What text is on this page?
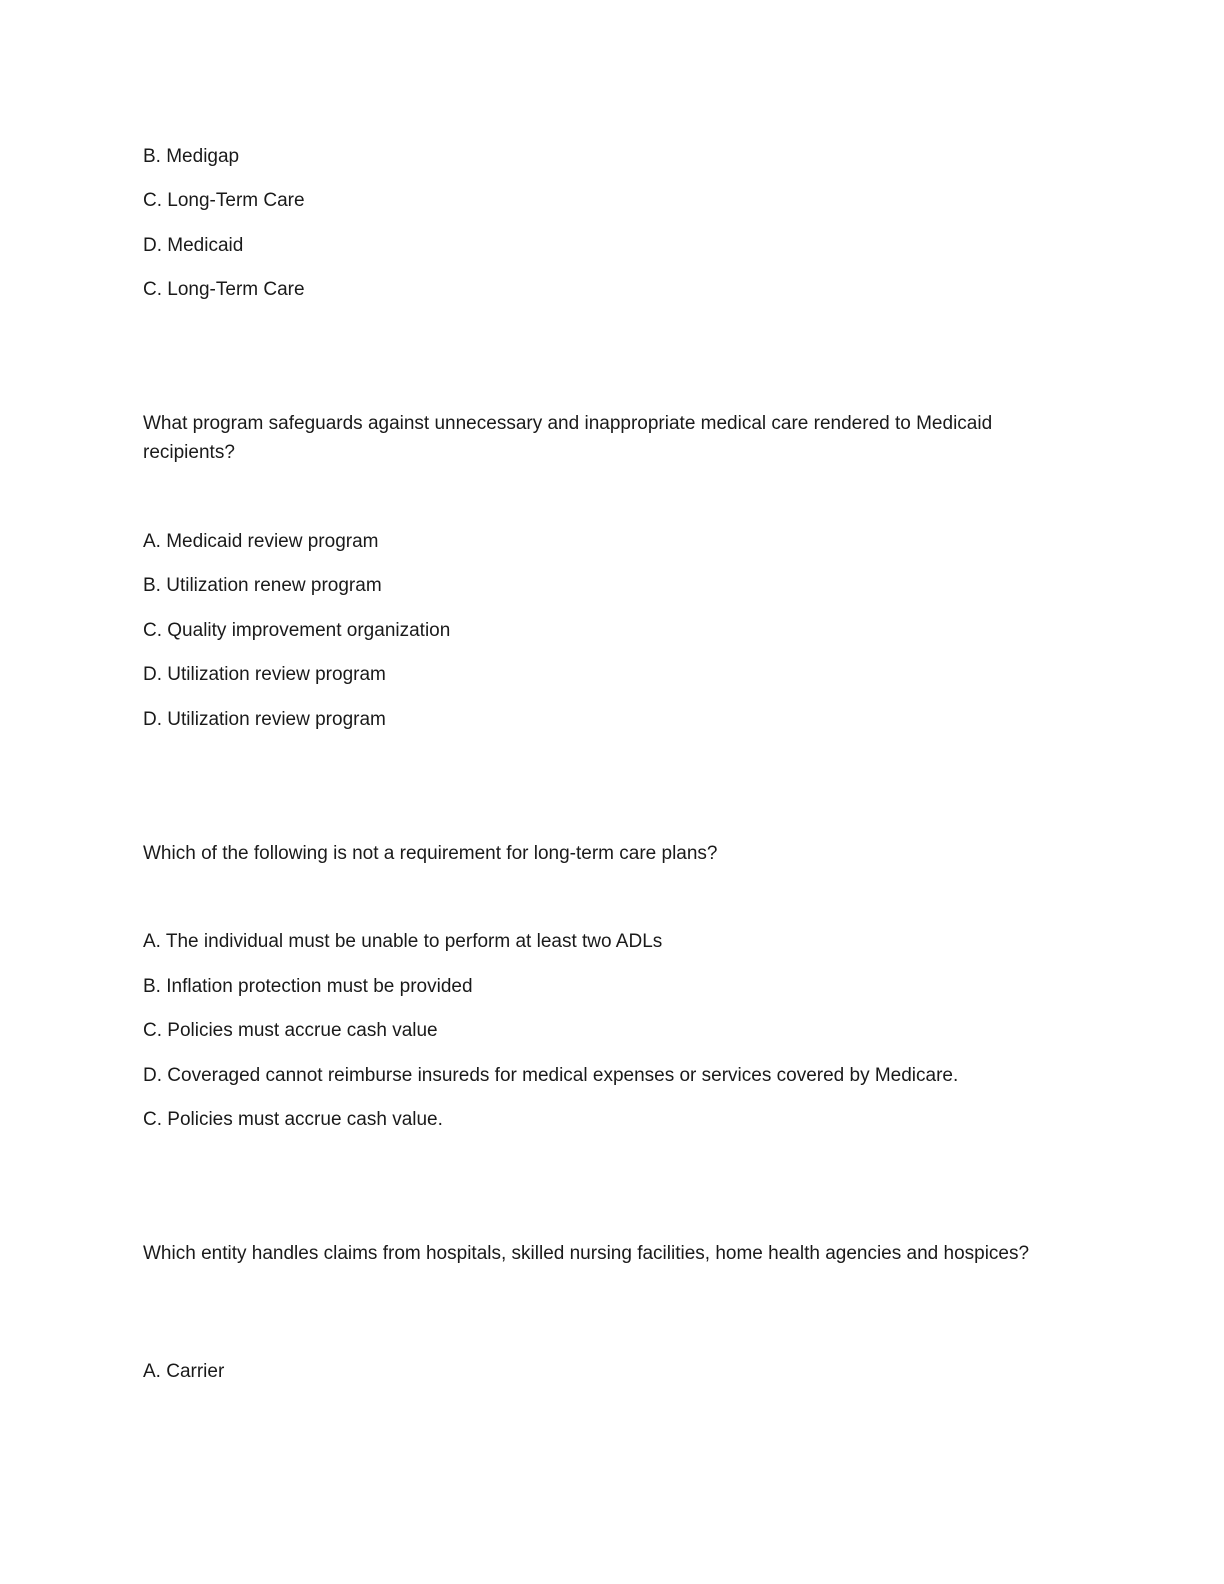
B. Medigap
C. Long-Term Care
D. Medicaid
C. Long-Term Care
What program safeguards against unnecessary and inappropriate medical care rendered to Medicaid recipients?
A. Medicaid review program
B. Utilization renew program
C. Quality improvement organization
D. Utilization review program
D. Utilization review program
Which of the following is not a requirement for long-term care plans?
A. The individual must be unable to perform at least two ADLs
B. Inflation protection must be provided
C. Policies must accrue cash value
D. Coveraged cannot reimburse insureds for medical expenses or services covered by Medicare.
C. Policies must accrue cash value.
Which entity handles claims from hospitals, skilled nursing facilities, home health agencies and hospices?
A. Carrier
